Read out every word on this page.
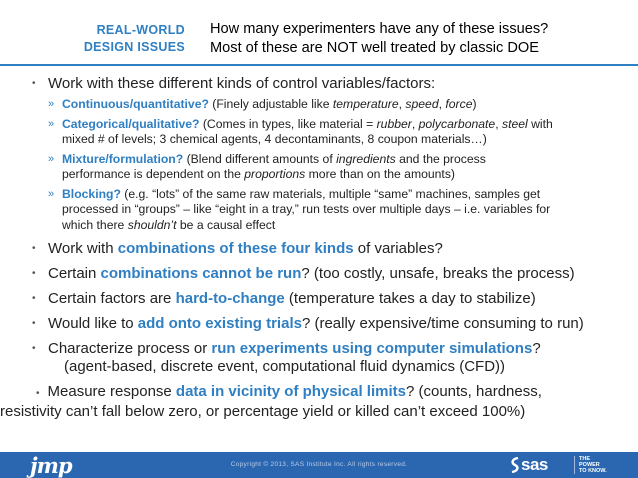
REAL-WORLD
DESIGN ISSUES
How many experimenters have any of these issues?
Most of these are NOT well treated by classic DOE
• Work with these different kinds of control variables/factors:
» Continuous/quantitative? (Finely adjustable like temperature, speed, force)
» Categorical/qualitative? (Comes in types, like material = rubber, polycarbonate, steel with
mixed # of levels; 3 chemical agents, 4 decontaminants, 8 coupon materials…)
» Mixture/formulation? (Blend different amounts of ingredients and the process
performance is dependent on the proportions more than on the amounts)
» Blocking? (e.g. “lots” of the same raw materials, multiple “same” machines, samples get
processed in “groups” – like “eight in a tray,” run tests over multiple days – i.e. variables for
which there shouldn’t be a causal effect
• Work with combinations of these four kinds of variables?
• Certain combinations cannot be run? (too costly, unsafe, breaks the process)
• Certain factors are hard-to-change (temperature takes a day to stabilize)
• Would like to add onto existing trials? (really expensive/time consuming to run)
• Characterize process or run experiments using computer simulations?
(agent-based, discrete event, computational fluid dynamics (CFD))
• Measure response data in vicinity of physical limits? (counts, hardness,
resistivity can’t fall below zero, or percentage yield or killed can’t exceed 100%)
jmp	Copyright © 2013, SAS Institute Inc. All rights reserved.	sas	THE
POWER
TO KNOW.
